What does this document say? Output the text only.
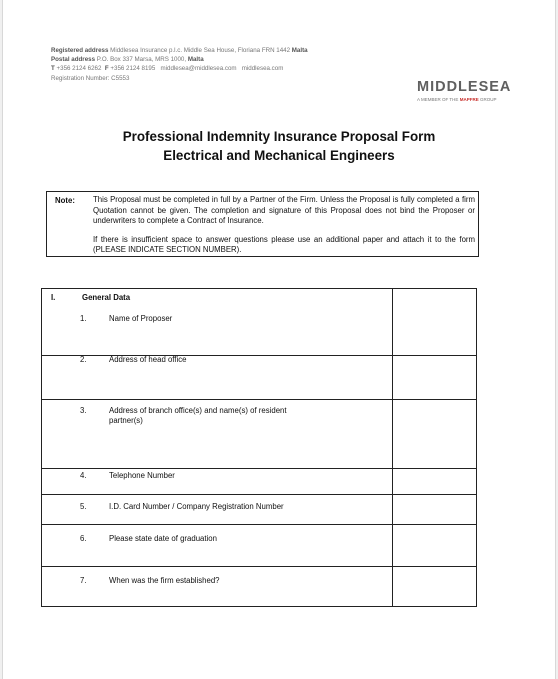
Registered address Middlesea Insurance p.l.c. Middle Sea House, Floriana FRN 1442 Malta
Postal address P.O. Box 337 Marsa, MRS 1000, Malta
T +356 2124 6262 F +356 2124 8195 middlesea@middlesea.com middlesea.com
Registration Number: C5553
MIDDLESEA
A MEMBER OF THE MAPFRE GROUP
Professional Indemnity Insurance Proposal Form
Electrical and Mechanical Engineers
Note: This Proposal must be completed in full by a Partner of the Firm. Unless the Proposal is fully completed a firm Quotation cannot be given. The completion and signature of this Proposal does not bind the Proposer or underwriters to complete a Contract of Insurance.

If there is insufficient space to answer questions please use an additional paper and attach it to the form (PLEASE INDICATE SECTION NUMBER).

I.	General Data
1.	Name of Proposer
2.	Address of head office
3.	Address of branch office(s) and name(s) of resident partner(s)
4.	Telephone Number
5.	I.D. Card Number / Company Registration Number
6.	Please state date of graduation
7.	When was the firm established?
